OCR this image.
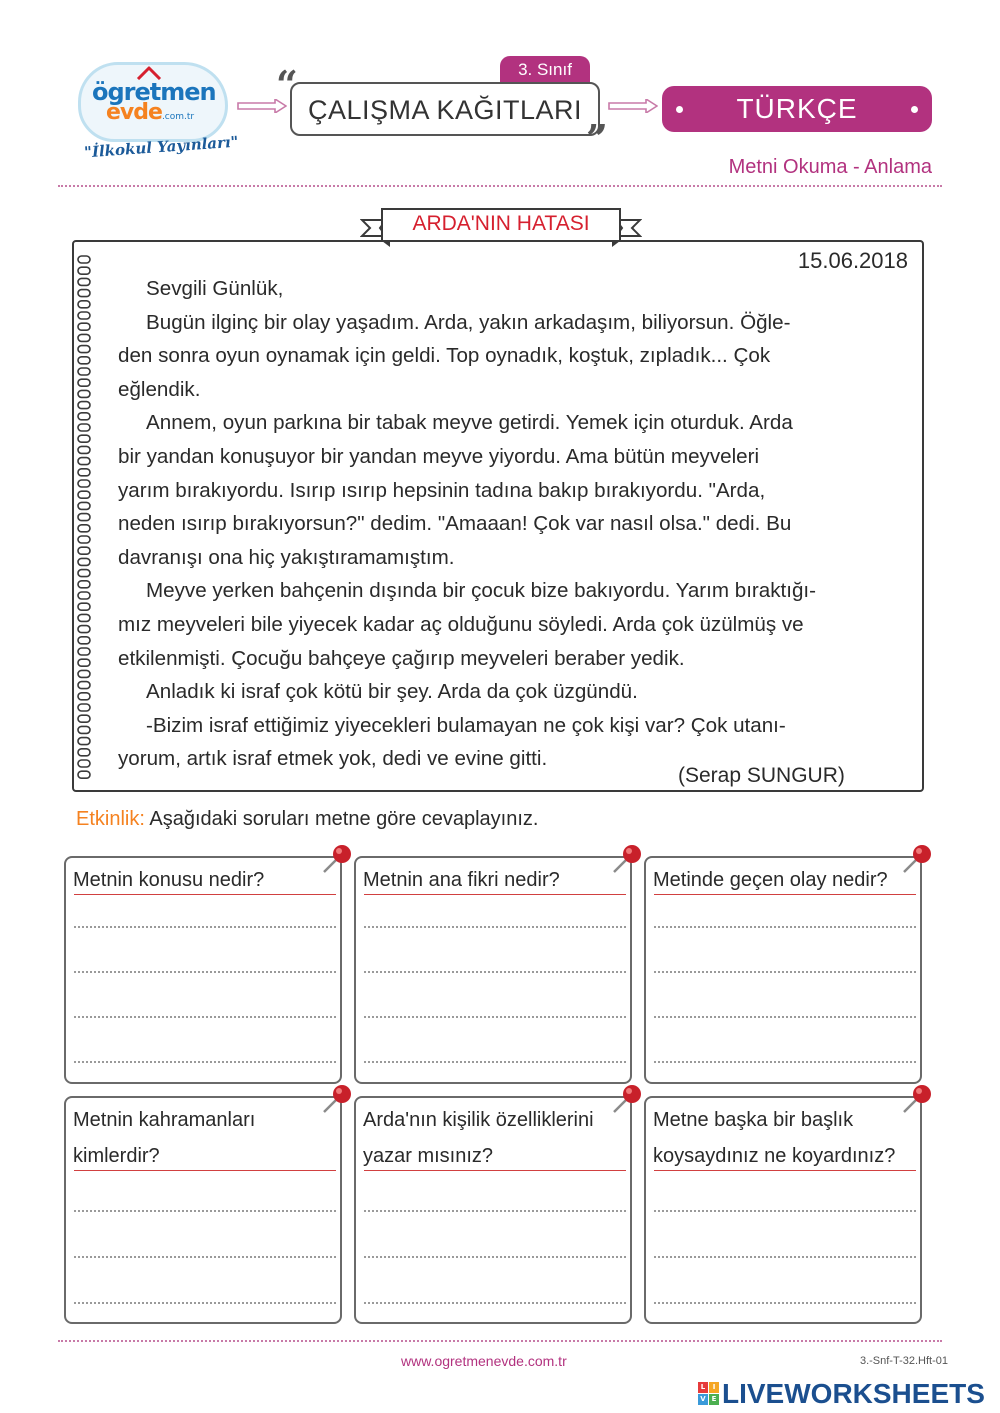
ögretmen
evde.com.tr
"İlkokul Yayınları"
3. Sınıf
ÇALIŞMA KAĞITLARI
“
”
TÜRKÇE
Metni Okuma - Anlama
ARDA'NIN HATASI
15.06.2018

Sevgili Günlük,

Bugün ilginç bir olay yaşadım. Arda, yakın arkadaşım, biliyorsun. Öğle-

den sonra oyun oynamak için geldi. Top oynadık, koştuk, zıpladık... Çok

eğlendik.

Annem, oyun parkına bir tabak meyve getirdi. Yemek için oturduk. Arda

bir yandan konuşuyor bir yandan meyve yiyordu. Ama bütün meyveleri

yarım bırakıyordu. Isırıp ısırıp hepsinin tadına bakıp bırakıyordu. "Arda,

neden ısırıp bırakıyorsun?" dedim. "Amaaan! Çok var nasıl olsa." dedi. Bu

davranışı ona hiç yakıştıramamıştım.

Meyve yerken bahçenin dışında bir çocuk bize bakıyordu. Yarım bıraktığı-

mız meyveleri bile yiyecek kadar aç olduğunu söyledi. Arda çok üzülmüş ve

etkilenmişti. Çocuğu bahçeye çağırıp meyveleri beraber yedik.

Anladık ki israf çok kötü bir şey. Arda da çok üzgündü.

-Bizim israf ettiğimiz yiyecekleri bulamayan ne çok kişi var? Çok utanı-

yorum, artık israf etmek yok, dedi ve evine gitti.

(Serap SUNGUR)
Etkinlik: Aşağıdaki soruları metne göre cevaplayınız.
Metnin konusu nedir?	Metnin ana fikri nedir?	Metinde geçen olay nedir?
Metnin kahramanları kimlerdir?
Arda'nın kişilik özelliklerini yazar mısınız?
Metne başka bir başlık koysaydınız ne koyardınız?
www.ogretmenevde.com.tr	3.-Snf-T-32.Hft-01
L	I
V E LIVEWORKSHEETS
